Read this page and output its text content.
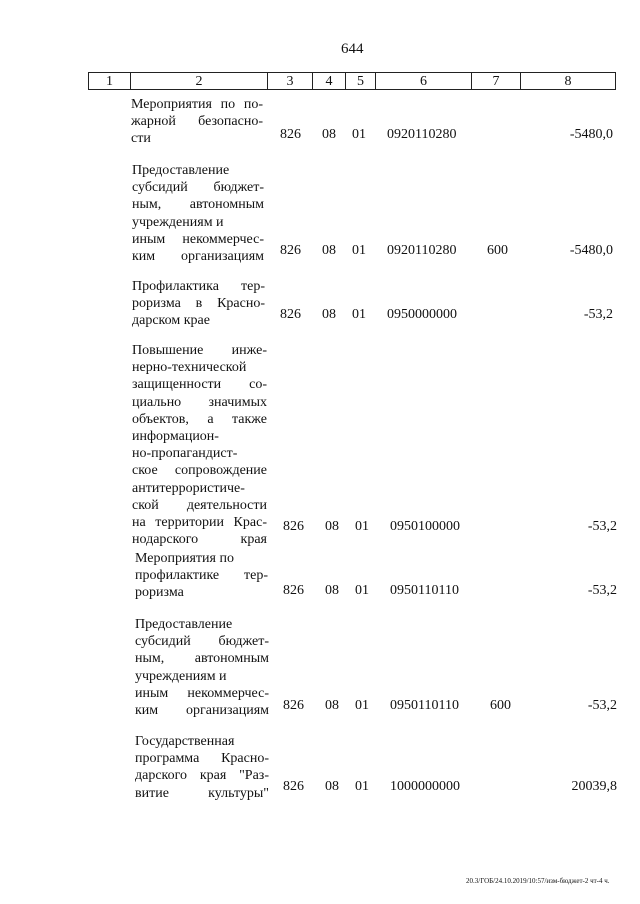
644
1	2	3	4	5	6	7	8
Мероприятия по по-
жарной безопасно-
сти	826 08 01 0920110280	-5480,0
Предоставление
субсидий бюджет-
ным, автономным
учреждениям и
иным некоммерчес-
ким организациям 826 08 01 0920110280 600	-5480,0
Профилактика тер-
роризма в Красно-
дарском крае	826 08 01 0950000000	-53,2
Повышение инже-
нерно-технической
защищенности со-
циально значимых
объектов, а также
информацион-
но-пропагандист-
ское сопровождение
антитеррористиче-
ской деятельности
на территории Крас-
нодарского края
826 08 01 0950100000	-53,2
Мероприятия по
профилактике тер-
роризма	826 08 01 0950110110	-53,2
Предоставление
субсидий бюджет-
ным, автономным
учреждениям и
иным некоммерчес-
ким организациям 826 08 01 0950110110 600	-53,2
Государственная
программа Красно-
дарского края "Раз-
витие культуры" 826 08 01 1000000000	20039,8
20.3/ГОБ/24.10.2019/10:57/изм-бюджет-2 чт-4 ч.
